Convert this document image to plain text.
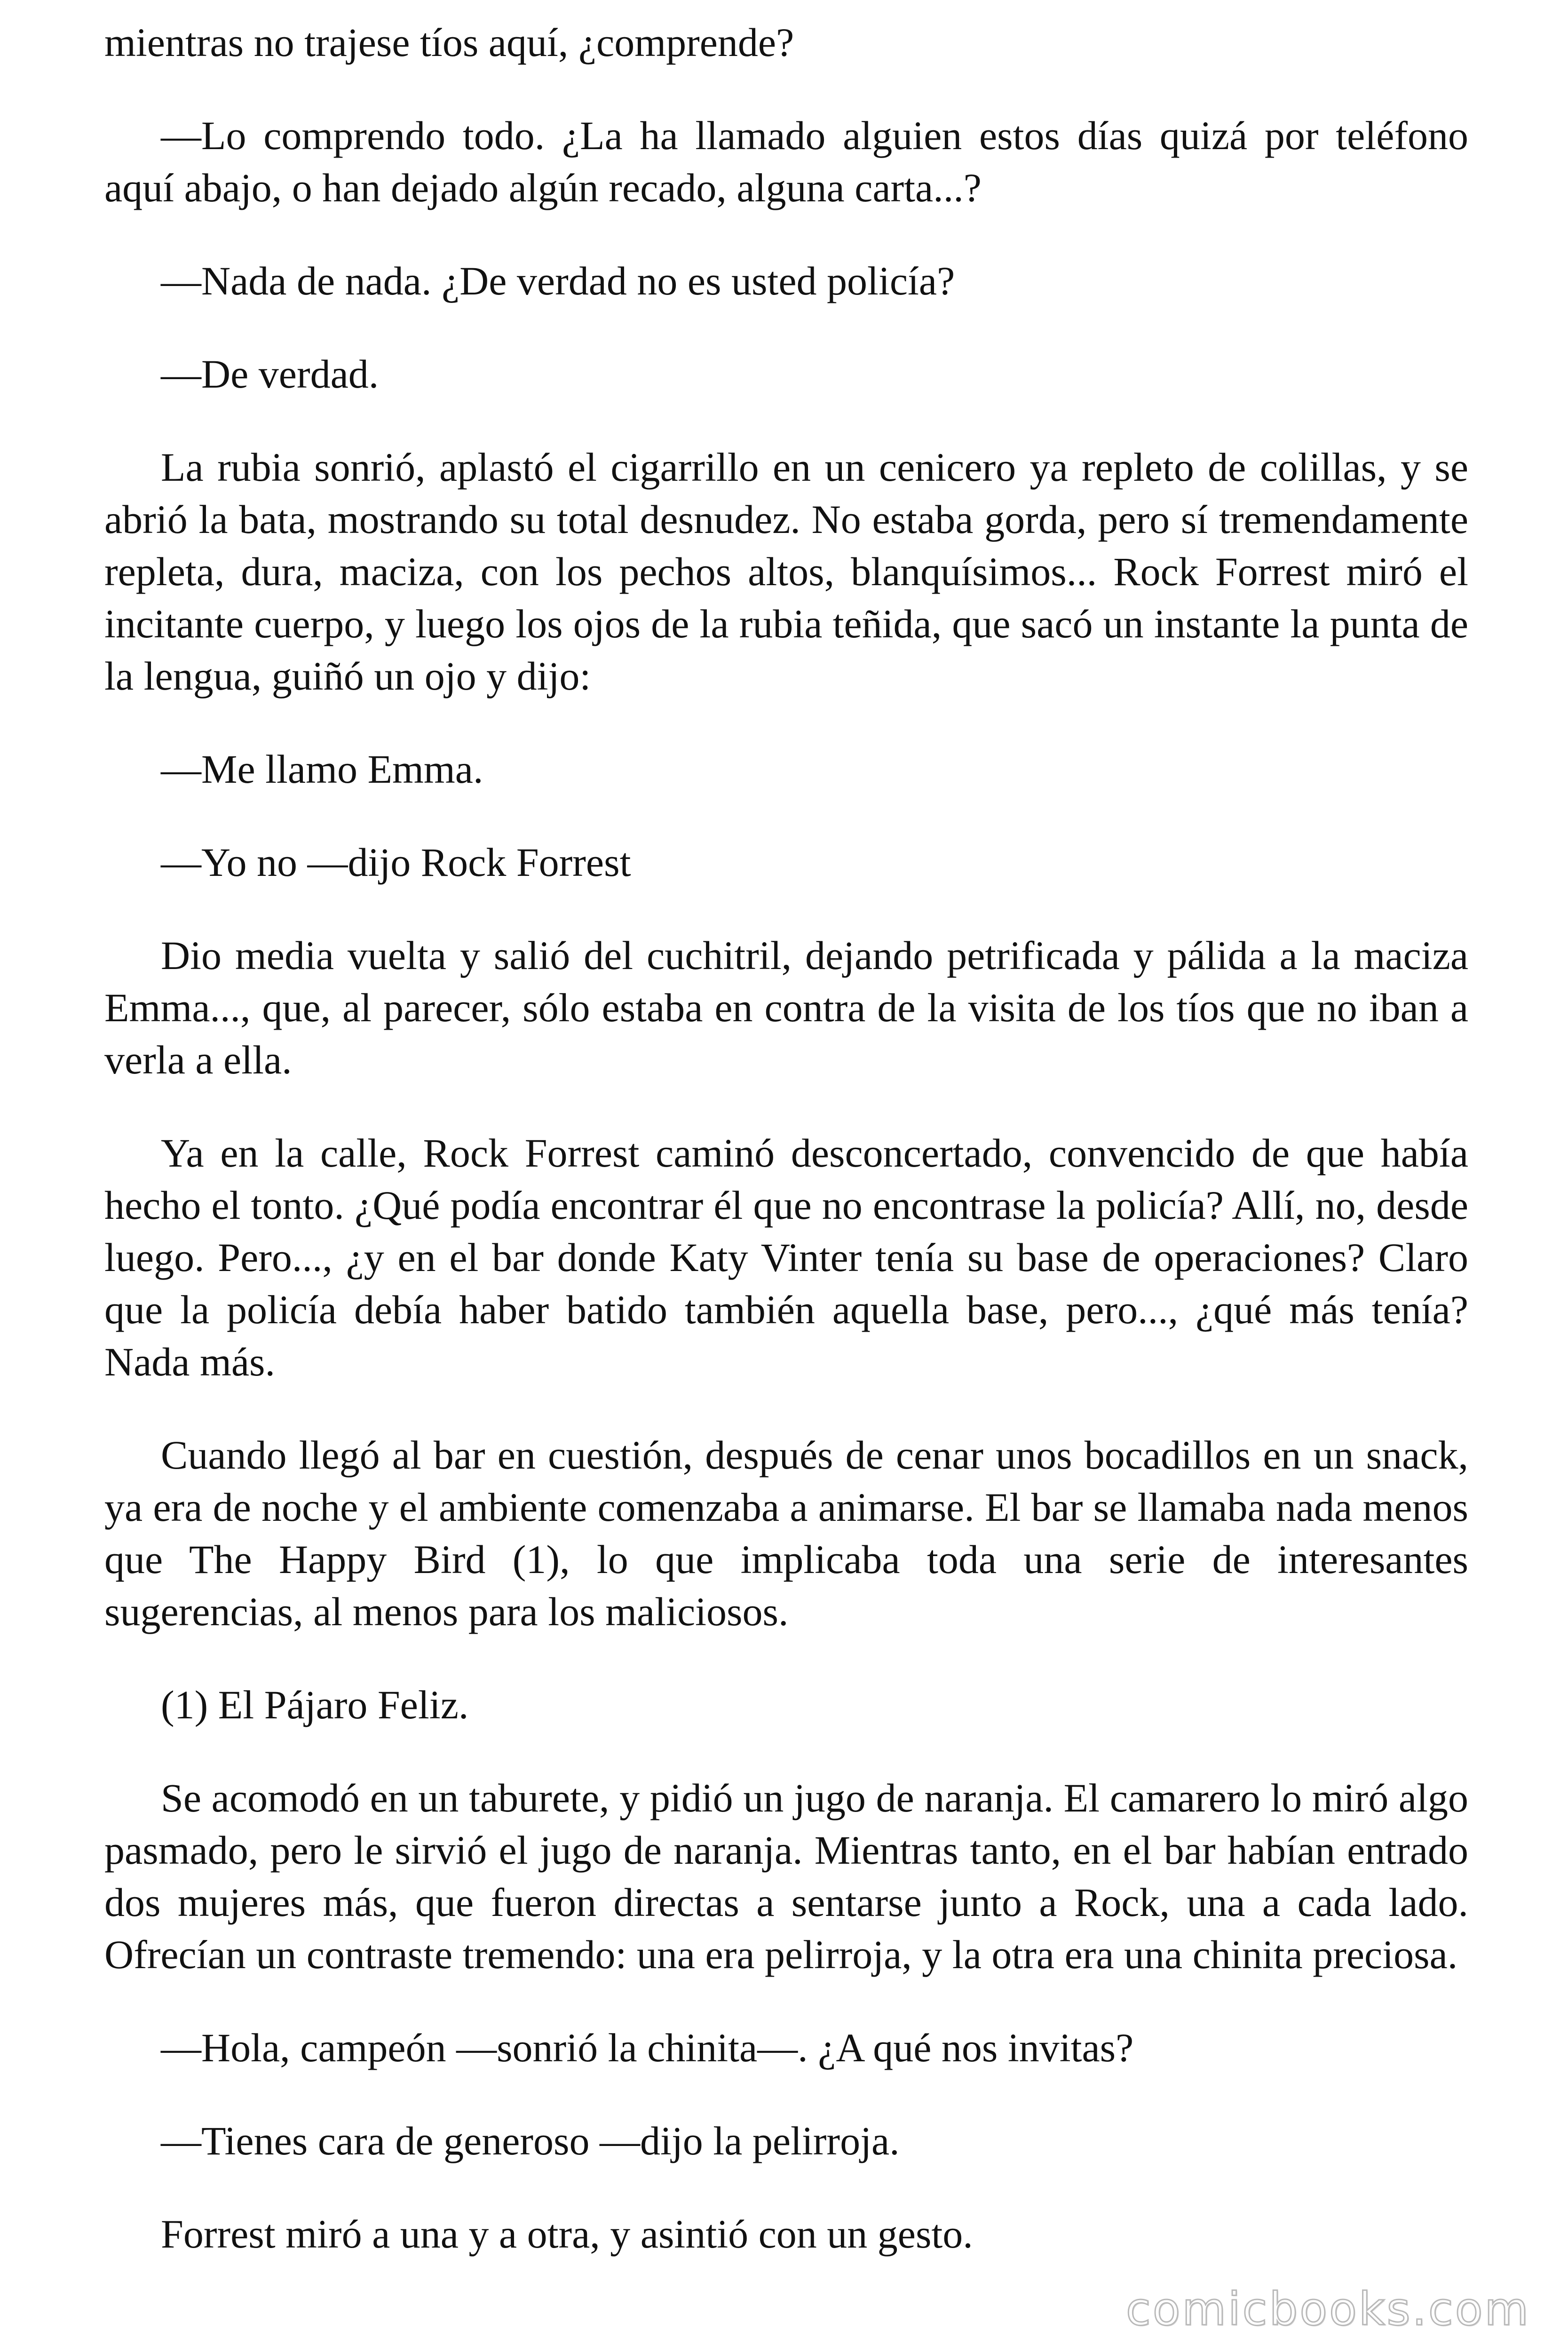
mientras no trajese tíos aquí, ¿comprende?

—Lo comprendo todo. ¿La ha llamado alguien estos días quizá por teléfono aquí abajo, o han dejado algún recado, alguna carta...?

—Nada de nada. ¿De verdad no es usted policía?

—De verdad.

La rubia sonrió, aplastó el cigarrillo en un cenicero ya repleto de colillas, y se abrió la bata, mostrando su total desnudez. No estaba gorda, pero sí tremendamente repleta, dura, maciza, con los pechos altos, blanquísimos... Rock Forrest miró el incitante cuerpo, y luego los ojos de la rubia teñida, que sacó un instante la punta de la lengua, guiñó un ojo y dijo:

—Me llamo Emma.

—Yo no —dijo Rock Forrest

Dio media vuelta y salió del cuchitril, dejando petrificada y pálida a la maciza Emma..., que, al parecer, sólo estaba en contra de la visita de los tíos que no iban a verla a ella.

Ya en la calle, Rock Forrest caminó desconcertado, convencido de que había hecho el tonto. ¿Qué podía encontrar él que no encontrase la policía? Allí, no, desde luego. Pero..., ¿y en el bar donde Katy Vinter tenía su base de operaciones? Claro que la policía debía haber batido también aquella base, pero..., ¿qué más tenía? Nada más.

Cuando llegó al bar en cuestión, después de cenar unos bocadillos en un snack, ya era de noche y el ambiente comenzaba a animarse. El bar se llamaba nada menos que The Happy Bird (1), lo que implicaba toda una serie de interesantes sugerencias, al menos para los maliciosos.

(1) El Pájaro Feliz.

Se acomodó en un taburete, y pidió un jugo de naranja. El camarero lo miró algo pasmado, pero le sirvió el jugo de naranja. Mientras tanto, en el bar habían entrado dos mujeres más, que fueron directas a sentarse junto a Rock, una a cada lado. Ofrecían un contraste tremendo: una era pelirroja, y la otra era una chinita preciosa.

—Hola, campeón —sonrió la chinita—. ¿A qué nos invitas?

—Tienes cara de generoso —dijo la pelirroja.

Forrest miró a una y a otra, y asintió con un gesto.

comicbooks.com
